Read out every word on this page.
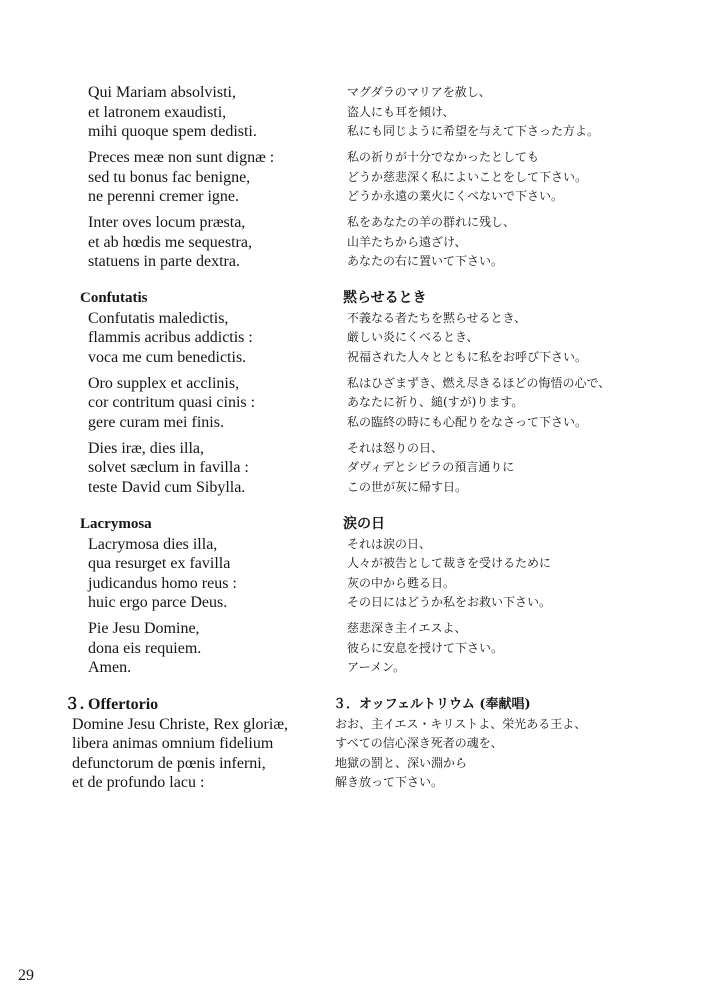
Qui Mariam absolvisti,
et latronem exaudisti,
mihi quoque spem dedisti.
Preces meæ non sunt dignæ :
sed tu bonus fac benigne,
ne perenni cremer igne.
Inter oves locum præsta,
et ab hœdis me sequestra,
statuens in parte dextra.
Confutatis
Confutatis maledictis,
flammis acribus addictis :
voca me cum benedictis.
Oro supplex et acclinis,
cor contritum quasi cinis :
gere curam mei finis.
Dies iræ, dies illa,
solvet sæclum in favilla :
teste David cum Sibylla.
Lacrymosa
Lacrymosa dies illa,
qua resurget ex favilla
judicandus homo reus :
huic ergo parce Deus.
Pie Jesu Domine,
dona eis requiem.
Amen.
３. Offertorio
Domine Jesu Christe, Rex gloriæ,
libera animas omnium fidelium
defunctorum de pœnis inferni,
et de profundo lacu :
マグダラのマリアを赦し、
盗人にも耳を傾け、
私にも同じように希望を与えて下さった方よ。
私の祈りが十分でなかったとしても
どうか慈悲深く私によいことをして下さい。
どうか永遠の業火にくべないで下さい。
私をあなたの羊の群れに残し、
山羊たちから遠ざけ、
あなたの右に置いて下さい。
黙らせるとき
不義なる者たちを黙らせるとき、
厳しい炎にくべるとき、
祝福された人々とともに私をお呼び下さい。
私はひざまずき、燃え尽きるほどの悔悟の心で、
あなたに祈り、縋(すが)ります。
私の臨終の時にも心配りをなさって下さい。
それは怒りの日、
ダヴィデとシビラの預言通りに
この世が灰に帰す日。
涙の日
それは涙の日、
人々が被告として裁きを受けるために
灰の中から甦る日。
その日にはどうか私をお救い下さい。
慈悲深き主イエスよ、
彼らに安息を授けて下さい。
アーメン。
３．オッフェルトリウム (奉献唱)
おお、主イエス・キリストよ、栄光ある王よ、
すべての信心深き死者の魂を、
地獄の罰と、深い淵から
解き放って下さい。
29
